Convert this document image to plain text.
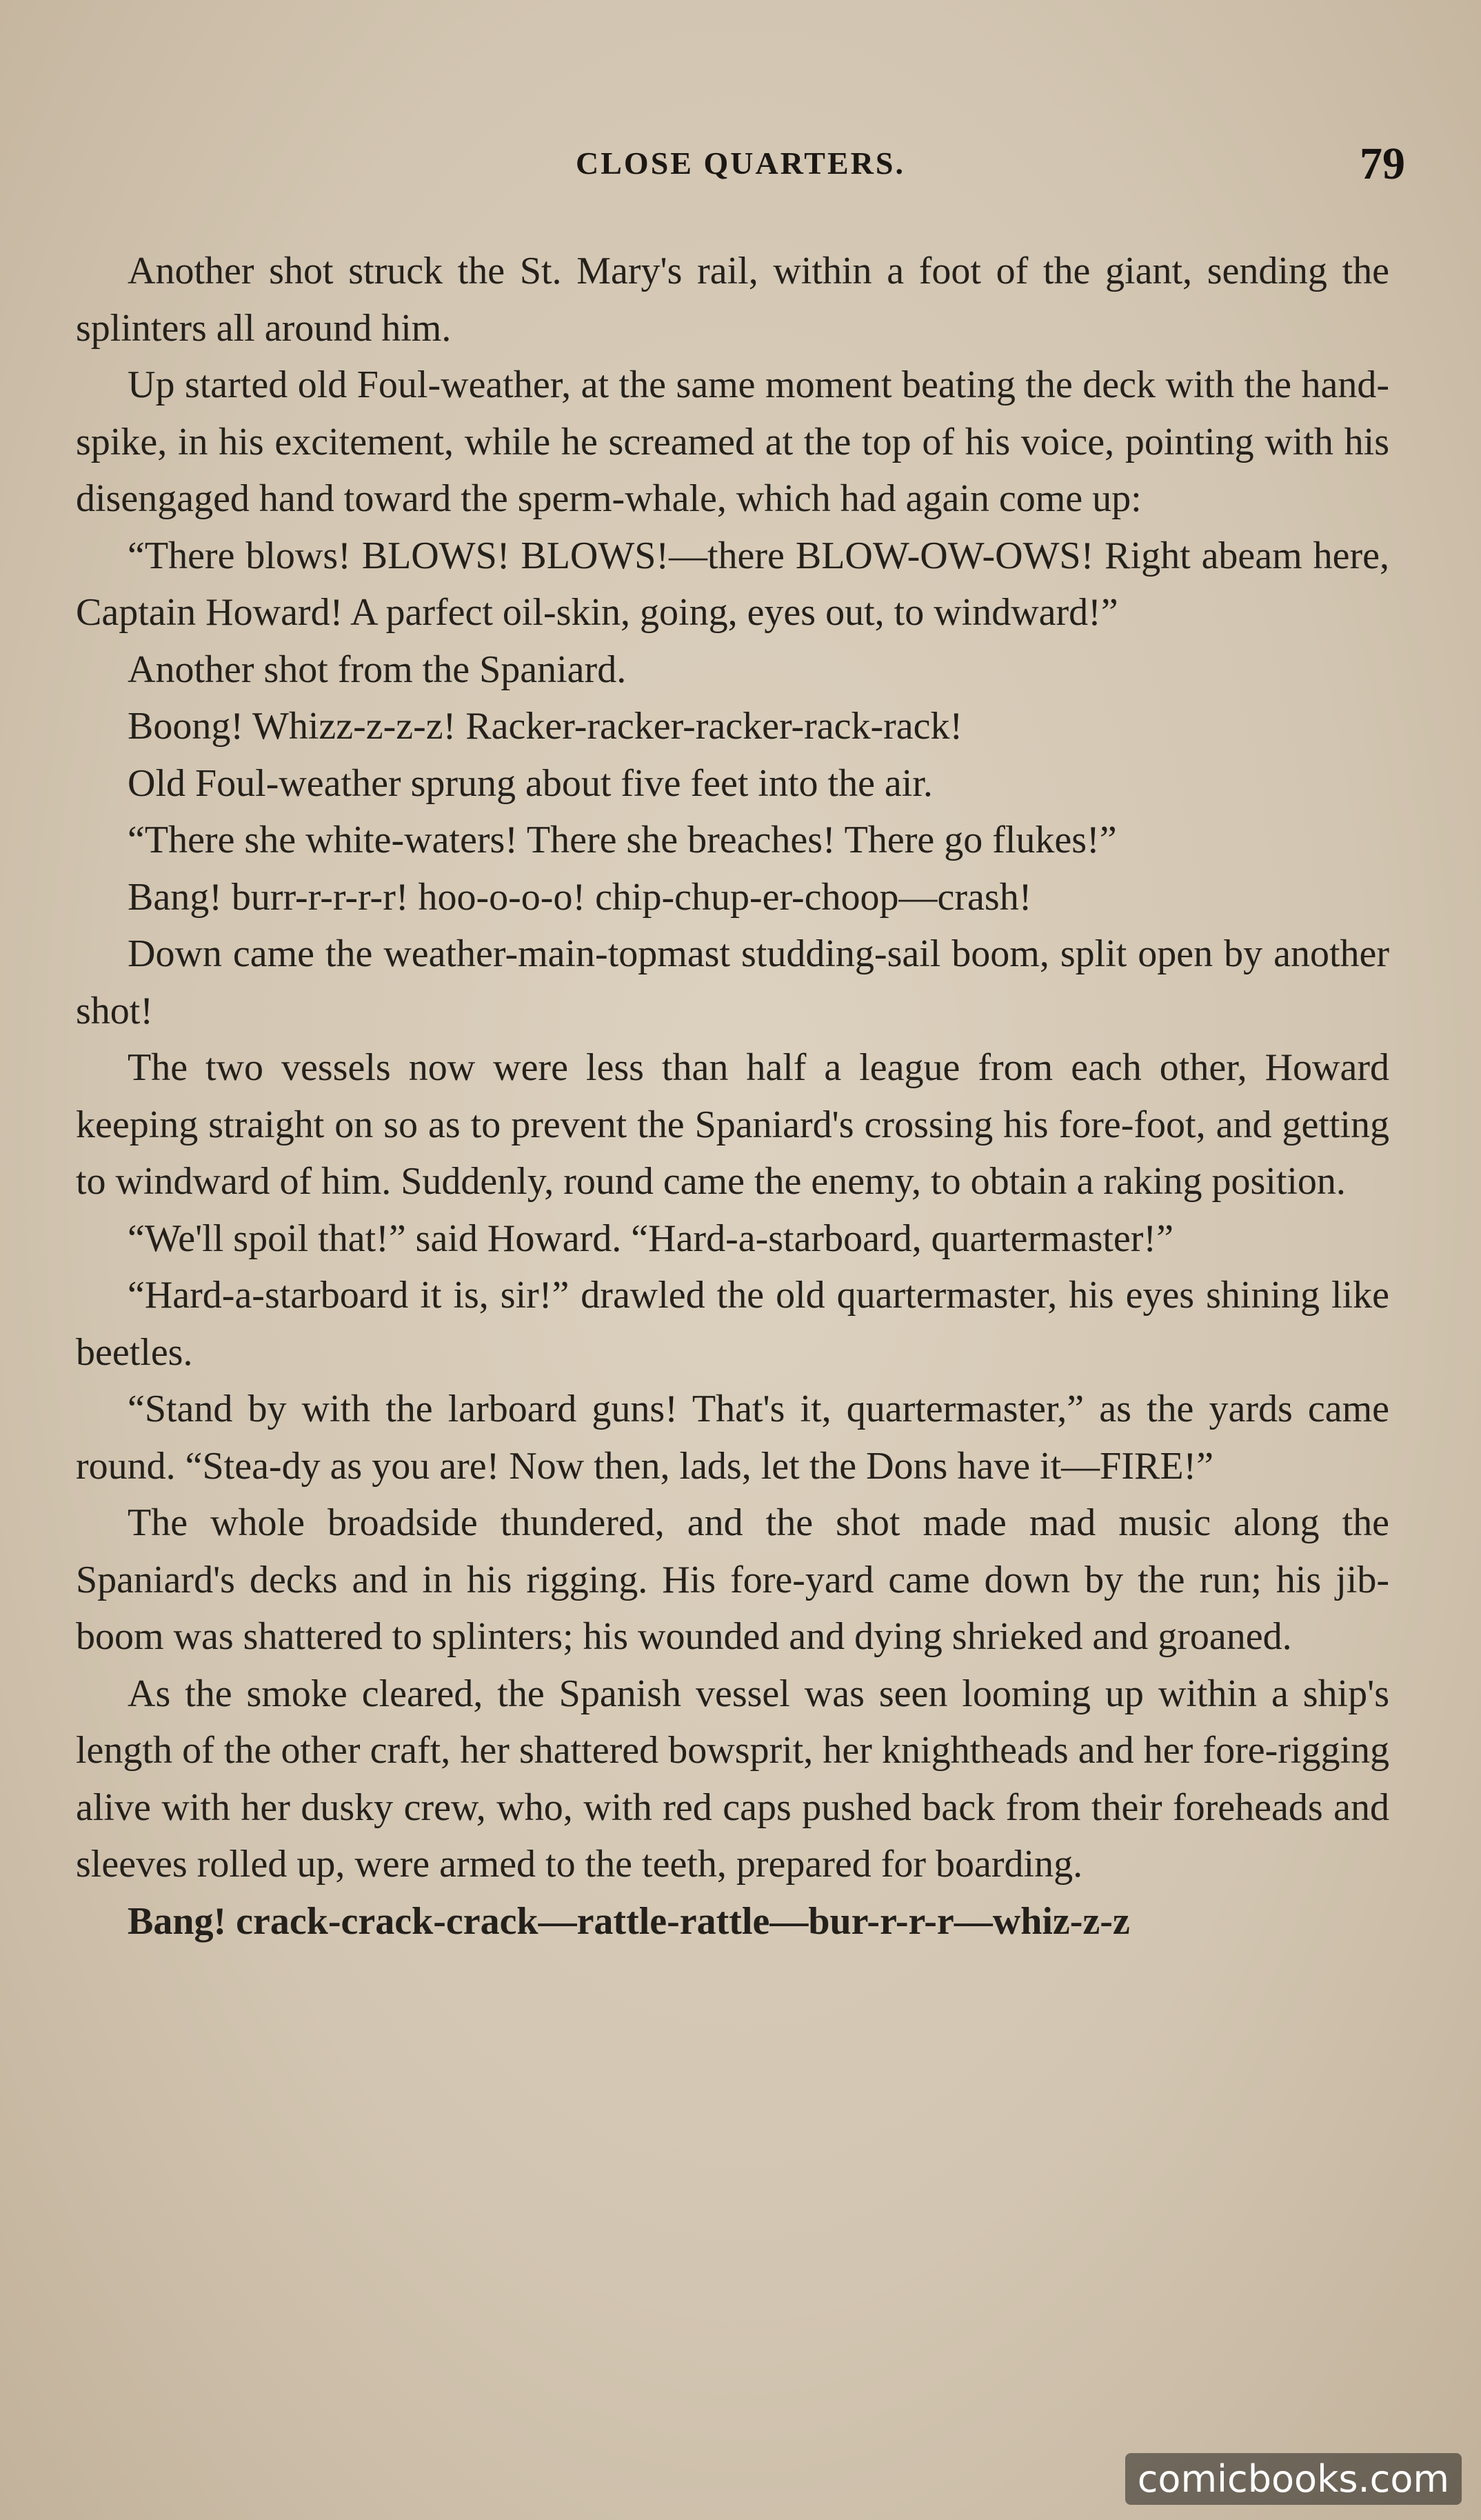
CLOSE QUARTERS.	79

Another shot struck the St. Mary's rail, within a foot of the giant, sending the splinters all around him.

Up started old Foul-weather, at the same moment beating the deck with the hand-spike, in his excitement, while he screamed at the top of his voice, pointing with his disengaged hand toward the sperm-whale, which had again come up:

“There blows! BLOWS! BLOWS!—there BLOW-OW-OWS! Right abeam here, Captain Howard! A parfect oil-skin, going, eyes out, to windward!”

Another shot from the Spaniard.

Boong! Whizz-z-z-z! Racker-racker-racker-rack-rack!

Old Foul-weather sprung about five feet into the air.

“There she white-waters! There she breaches! There go flukes!”

Bang! burr-r-r-r-r! hoo-o-o-o! chip-chup-er-choop—crash!

Down came the weather-main-topmast studding-sail boom, split open by another shot!

The two vessels now were less than half a league from each other, Howard keeping straight on so as to prevent the Spaniard's crossing his fore-foot, and getting to windward of him. Suddenly, round came the enemy, to obtain a raking position.

“We'll spoil that!” said Howard. “Hard-a-starboard, quartermaster!”

“Hard-a-starboard it is, sir!” drawled the old quartermaster, his eyes shining like beetles.

“Stand by with the larboard guns! That's it, quartermaster,” as the yards came round. “Stea-dy as you are! Now then, lads, let the Dons have it—FIRE!”

The whole broadside thundered, and the shot made mad music along the Spaniard's decks and in his rigging. His fore-yard came down by the run; his jib-boom was shattered to splinters; his wounded and dying shrieked and groaned.

As the smoke cleared, the Spanish vessel was seen looming up within a ship's length of the other craft, her shattered bowsprit, her knightheads and her fore-rigging alive with her dusky crew, who, with red caps pushed back from their foreheads and sleeves rolled up, were armed to the teeth, prepared for boarding.

Bang! crack-crack-crack—rattle-rattle—bur-r-r-r—whiz-z-z

comicbooks.com
